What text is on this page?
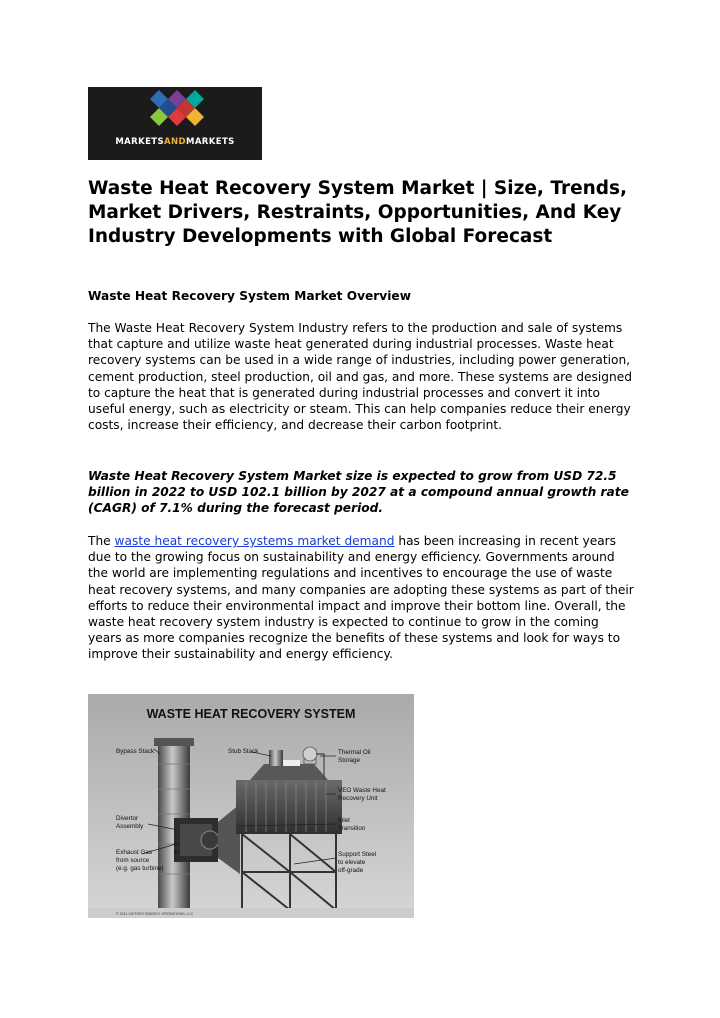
MARKETSANDMARKETS
Waste Heat Recovery System Market | Size, Trends, Market Drivers, Restraints, Opportunities, And Key Industry Developments with Global Forecast
Waste Heat Recovery System Market Overview

The Waste Heat Recovery System Industry refers to the production and sale of systems that capture and utilize waste heat generated during industrial processes. Waste heat recovery systems can be used in a wide range of industries, including power generation, cement production, steel production, oil and gas, and more. These systems are designed to capture the heat that is generated during industrial processes and convert it into useful energy, such as electricity or steam. This can help companies reduce their energy costs, increase their efficiency, and decrease their carbon footprint.

Waste Heat Recovery System Market size is expected to grow from USD 72.5 billion in 2022 to USD 102.1 billion by 2027 at a compound annual growth rate (CAGR) of 7.1% during the forecast period.

The waste heat recovery systems market demand has been increasing in recent years due to the growing focus on sustainability and energy efficiency. Governments around the world are implementing regulations and incentives to encourage the use of waste heat recovery systems, and many companies are adopting these systems as part of their efforts to reduce their environmental impact and improve their bottom line. Overall, the waste heat recovery system industry is expected to continue to grow in the coming years as more companies recognize the benefits of these systems and look for ways to improve their sustainability and energy efficiency.

WASTE HEAT RECOVERY SYSTEM
Bypass Stack	Stub Stack	Thermal Oil
Storage
VEO Waste Heat
Recovery Unit
Divertor
Assembly
Inlet
Transition
Exhaust Gas
from source
(e.g. gas turbine)
Support Steel
to elevate
off-grade
© 2011 VICTORY ENERGY OPERATIONS, LLC
